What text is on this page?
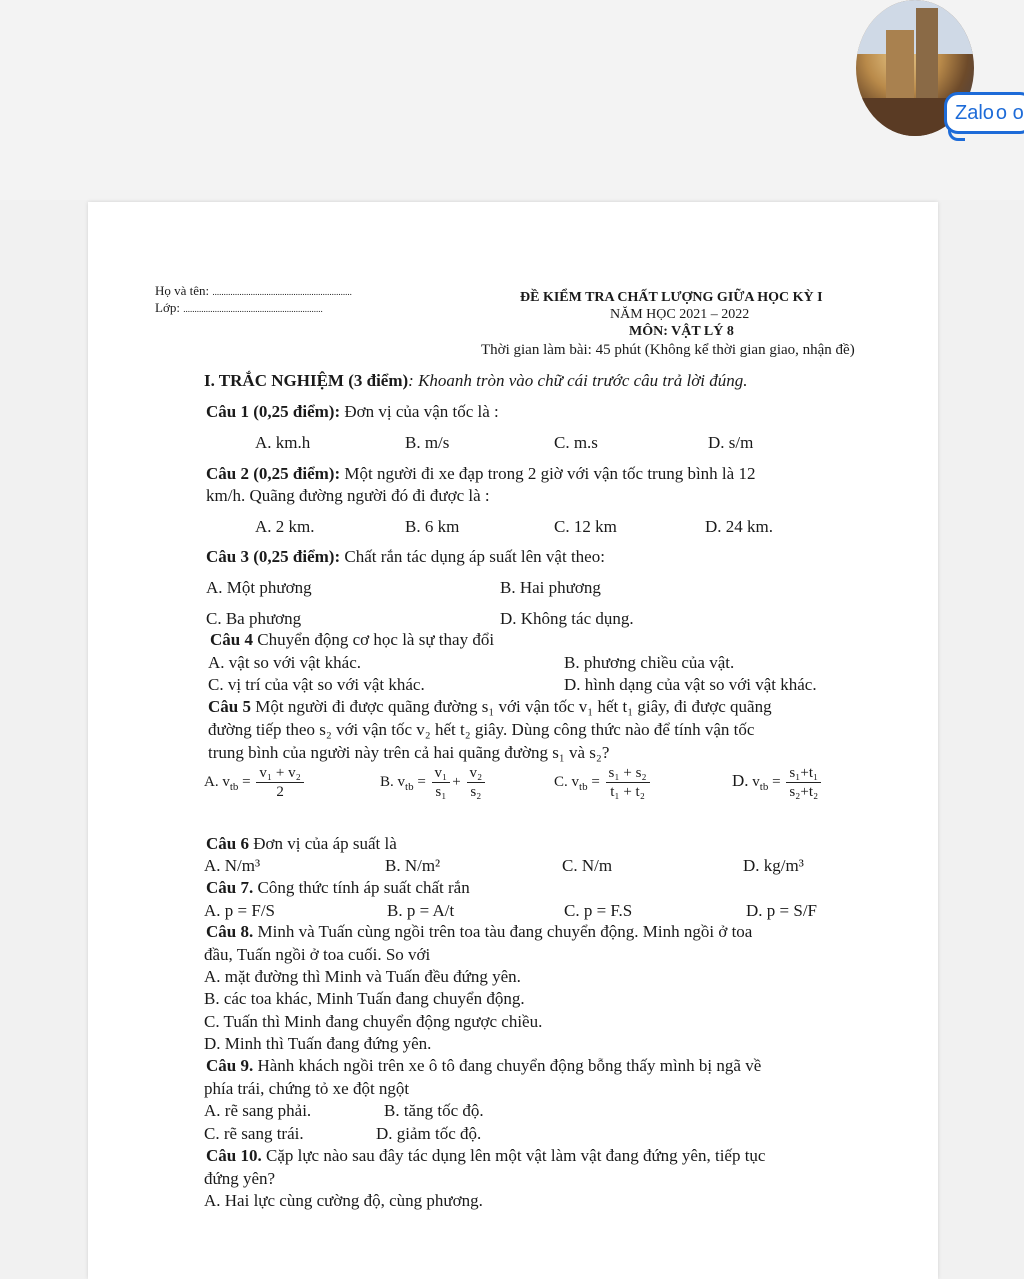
Zalo o o
Họ và tên: ..............................................................
Lớp: ..............................................................
ĐỀ KIỂM TRA CHẤT LƯỢNG GIỮA HỌC KỲ I
NĂM HỌC 2021 – 2022
MÔN: VẬT LÝ 8
Thời gian làm bài: 45 phút (Không kể thời gian giao, nhận đề)
I. TRẮC NGHIỆM (3 điểm): Khoanh tròn vào chữ cái trước câu trả lời đúng.
Câu 1 (0,25 điểm): Đơn vị của vận tốc là :
A. km.h	B. m/s	C. m.s	D. s/m
Câu 2 (0,25 điểm): Một người đi xe đạp trong 2 giờ với vận tốc trung bình là 12
km/h. Quãng đường người đó đi được là :
A. 2 km.	B. 6 km	C. 12 km	D. 24 km.
Câu 3 (0,25 điểm): Chất rắn tác dụng áp suất lên vật theo:
A. Một phương	B. Hai phương
C. Ba phương	D. Không tác dụng.
Câu 4 Chuyển động cơ học là sự thay đổi
A. vật so với vật khác.	B. phương chiều của vật.
C. vị trí của vật so với vật khác.	D. hình dạng của vật so với vật khác.
Câu 5 Một người đi được quãng đường s₁ với vận tốc v₁ hết t₁ giây, đi được quãng
đường tiếp theo s₂ với vận tốc v₂ hết t₂ giây. Dùng công thức nào để tính vận tốc
trung bình của người này trên cả hai quãng đường s₁ và s₂?
A. $v_{tb} = \frac{\text{v₁ + v₂}}{2}$	B. $v_{tb} = \frac{\text{v₁}}{\text{s₁}} + \frac{\text{v₂}}{\text{s₂}}$	C. $v_{tb} = \frac{\text{s₁ + s₂}}{\text{t₁ + t₂}}$	D. $v_{tb} = \frac{\text{s₁+t₁}}{\text{s₂+t₂}}$
Câu 6 Đơn vị của áp suất là
A. N/m³	B. N/m²	C. N/m	D. kg/m³
Câu 7. Công thức tính áp suất chất rắn
A. p = F/S	B. p = A/t	C. p = F.S	D. p = S/F
Câu 8. Minh và Tuấn cùng ngồi trên toa tàu đang chuyển động. Minh ngồi ở toa
đầu, Tuấn ngồi ở toa cuối. So với
A. mặt đường thì Minh và Tuấn đều đứng yên.
B. các toa khác, Minh Tuấn đang chuyển động.
C. Tuấn thì Minh đang chuyển động ngược chiều.
D. Minh thì Tuấn đang đứng yên.
Câu 9. Hành khách ngồi trên xe ô tô đang chuyển động bỗng thấy mình bị ngã về
phía trái, chứng tỏ xe đột ngột
A. rẽ sang phải.	B. tăng tốc độ.
C. rẽ sang trái.	D. giảm tốc độ.
Câu 10. Cặp lực nào sau đây tác dụng lên một vật làm vật đang đứng yên, tiếp tục
đứng yên?
A. Hai lực cùng cường độ, cùng phương.
